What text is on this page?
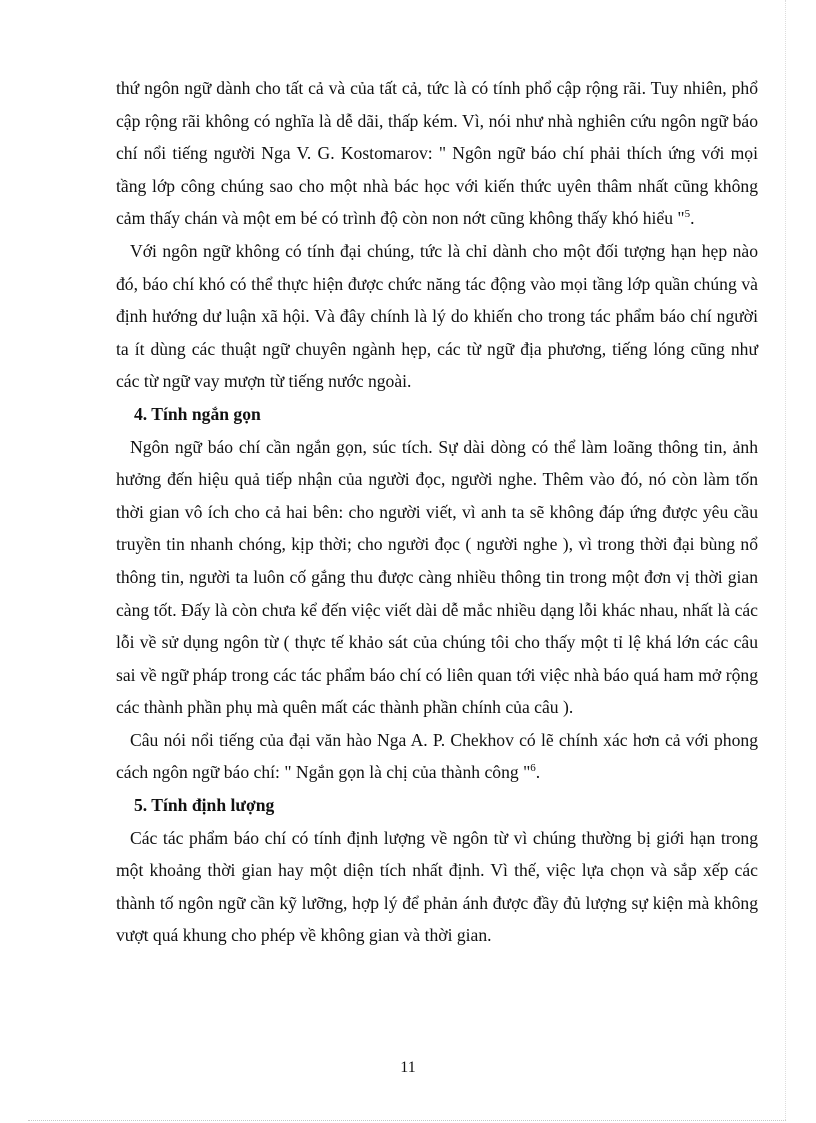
thứ ngôn ngữ dành cho tất cả và của tất cả, tức là có tính phổ cập rộng rãi. Tuy nhiên, phổ cập rộng rãi không có nghĩa là dễ dãi, thấp kém. Vì, nói như nhà nghiên cứu ngôn ngữ báo chí nổi tiếng người Nga V. G. Kostomarov: " Ngôn ngữ báo chí phải thích ứng với mọi tầng lớp công chúng sao cho một nhà bác học với kiến thức uyên thâm nhất cũng không cảm thấy chán và một em bé có trình độ còn non nớt cũng không thấy khó hiểu "$^5$.

Với ngôn ngữ không có tính đại chúng, tức là chỉ dành cho một đối tượng hạn hẹp nào đó, báo chí khó có thể thực hiện được chức năng tác động vào mọi tầng lớp quần chúng và định hướng dư luận xã hội. Và đây chính là lý do khiến cho trong tác phẩm báo chí người ta ít dùng các thuật ngữ chuyên ngành hẹp, các từ ngữ địa phương, tiếng lóng cũng như các từ ngữ vay mượn từ tiếng nước ngoài.

4. Tính ngắn gọn

Ngôn ngữ báo chí cần ngắn gọn, súc tích. Sự dài dòng có thể làm loãng thông tin, ảnh hưởng đến hiệu quả tiếp nhận của người đọc, người nghe. Thêm vào đó, nó còn làm tốn thời gian vô ích cho cả hai bên: cho người viết, vì anh ta sẽ không đáp ứng được yêu cầu truyền tin nhanh chóng, kịp thời; cho người đọc ( người nghe ), vì trong thời đại bùng nổ thông tin, người ta luôn cố gắng thu được càng nhiều thông tin trong một đơn vị thời gian càng tốt. Đấy là còn chưa kể đến việc viết dài dễ mắc nhiều dạng lỗi khác nhau, nhất là các lỗi về sử dụng ngôn từ ( thực tế khảo sát của chúng tôi cho thấy một tỉ lệ khá lớn các câu sai về ngữ pháp trong các tác phẩm báo chí có liên quan tới việc nhà báo quá ham mở rộng các thành phần phụ mà quên mất các thành phần chính của câu ).

Câu nói nổi tiếng của đại văn hào Nga A. P. Chekhov có lẽ chính xác hơn cả với phong cách ngôn ngữ báo chí: " Ngắn gọn là chị của thành công "$^6$.

5. Tính định lượng

Các tác phẩm báo chí có tính định lượng về ngôn từ vì chúng thường bị giới hạn trong một khoảng thời gian hay một diện tích nhất định. Vì thế, việc lựa chọn và sắp xếp các thành tố ngôn ngữ cần kỹ lưỡng, hợp lý để phản ánh được đầy đủ lượng sự kiện mà không vượt quá khung cho phép về không gian và thời gian.

11
